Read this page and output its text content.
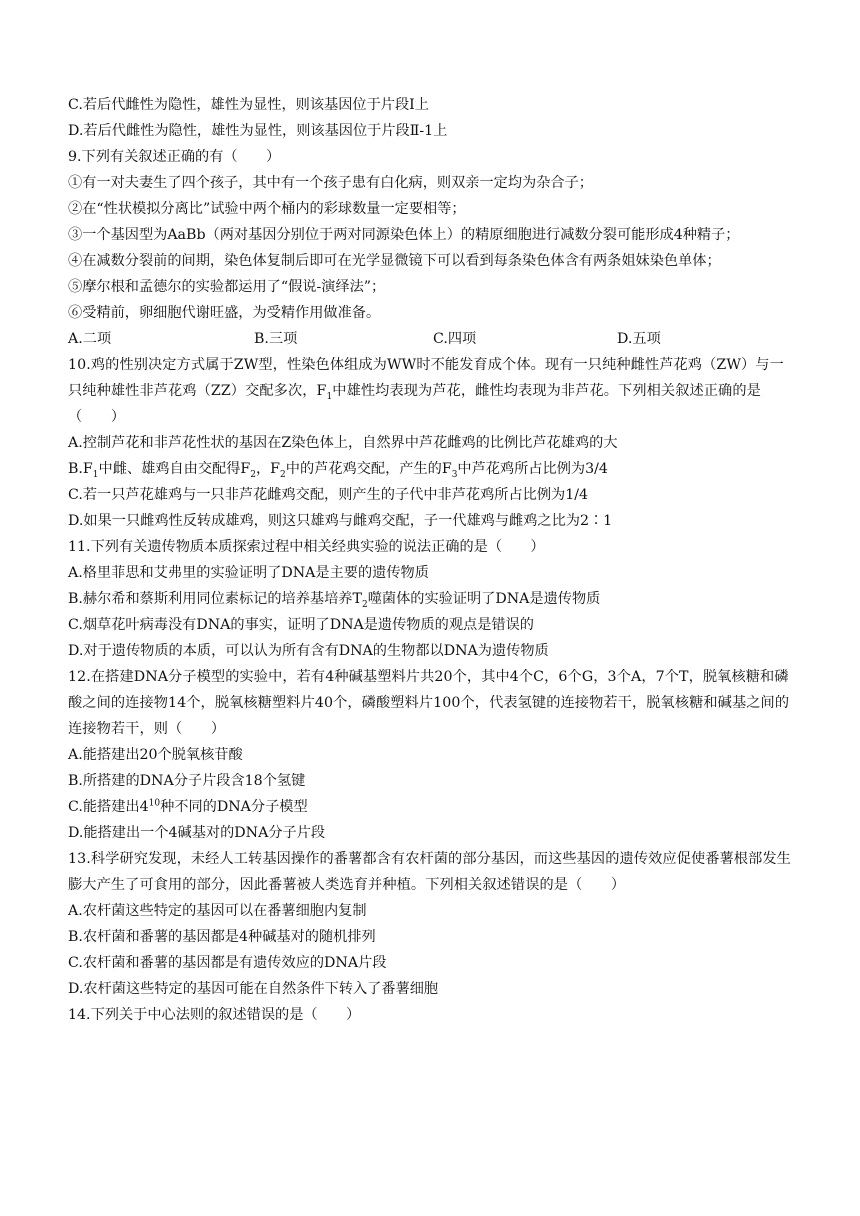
C.若后代雌性为隐性，雄性为显性，则该基因位于片段Ⅰ上
D.若后代雌性为隐性，雄性为显性，则该基因位于片段Ⅱ-1上
9.下列有关叙述正确的有（　　）
①有一对夫妻生了四个孩子，其中有一个孩子患有白化病，则双亲一定均为杂合子；
②在“性状模拟分离比”试验中两个桶内的彩球数量一定要相等；
③一个基因型为AaBb（两对基因分别位于两对同源染色体上）的精原细胞进行减数分裂可能形成4种精子；
④在减数分裂前的间期，染色体复制后即可在光学显微镜下可以看到每条染色体含有两条姐妹染色单体；
⑤摩尔根和孟德尔的实验都运用了“假说-演绎法”；
⑥受精前，卵细胞代谢旺盛，为受精作用做准备。
A.二项	B.三项	C.四项	D.五项
10.鸡的性别决定方式属于ZW型，性染色体组成为WW时不能发育成个体。现有一只纯种雌性芦花鸡（ZW）与一只纯种雄性非芦花鸡（ZZ）交配多次，$F_1$中雄性均表现为芦花，雌性均表现为非芦花。下列相关叙述正确的是（　　）
A.控制芦花和非芦花性状的基因在Z染色体上，自然界中芦花雌鸡的比例比芦花雄鸡的大
$B.F_1$中雌、雄鸡自由交配得$F_2$，$F_2$中的芦花鸡交配，产生的$F_3$中芦花鸡所占比例为3/4
C.若一只芦花雄鸡与一只非芦花雌鸡交配，则产生的子代中非芦花鸡所占比例为1/4
D.如果一只雌鸡性反转成雄鸡，则这只雄鸡与雌鸡交配，子一代雄鸡与雌鸡之比为2∶1
11.下列有关遗传物质本质探索过程中相关经典实验的说法正确的是（　　）
A.格里菲思和艾弗里的实验证明了DNA是主要的遗传物质
B.赫尔希和蔡斯利用同位素标记的培养基培养$T_2$噬菌体的实验证明了DNA是遗传物质
C.烟草花叶病毒没有DNA的事实，证明了DNA是遗传物质的观点是错误的
D.对于遗传物质的本质，可以认为所有含有DNA的生物都以DNA为遗传物质
12.在搭建DNA分子模型的实验中，若有4种碱基塑料片共20个，其中4个C，6个G，3个A，7个T，脱氧核糖和磷酸之间的连接物14个，脱氧核糖塑料片40个，磷酸塑料片100个，代表氢键的连接物若干，脱氧核糖和碱基之间的连接物若干，则（　　）
A.能搭建出20个脱氧核苷酸
B.所搭建的DNA分子片段含18个氢键
C.能搭建出$4^{10}$种不同的DNA分子模型
D.能搭建出一个4碱基对的DNA分子片段
13.科学研究发现，未经人工转基因操作的番薯都含有农杆菌的部分基因，而这些基因的遗传效应促使番薯根部发生膨大产生了可食用的部分，因此番薯被人类选育并种植。下列相关叙述错误的是（　　）
A.农杆菌这些特定的基因可以在番薯细胞内复制
B.农杆菌和番薯的基因都是4种碱基对的随机排列
C.农杆菌和番薯的基因都是有遗传效应的DNA片段
D.农杆菌这些特定的基因可能在自然条件下转入了番薯细胞
14.下列关于中心法则的叙述错误的是（　　）
